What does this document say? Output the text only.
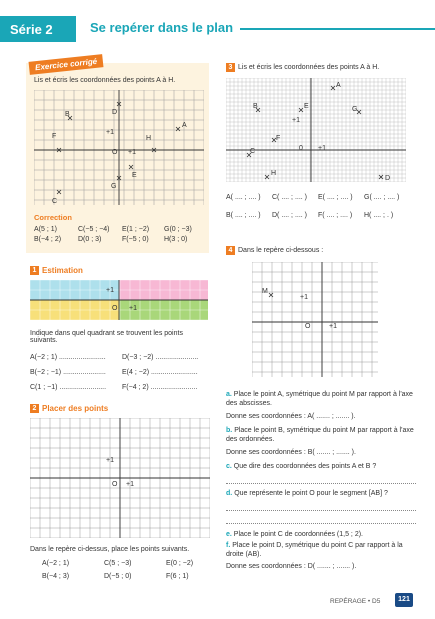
Série 2	Se repérer dans le plan
Exercice corrigé
Lis et écris les coordonnées des points A à H.
O
+1
+1
A
B
C
D
E
F
G
H
Correction
A(5 ; 1)	C(−5 ; −4) E(1 ; −2) G(0 ; −3)
B(−4 ; 2) D(0 ; 3)	F(−5 ; 0) H(3 ; 0)
1 Estimation
O
+1
+1
Indique dans quel quadrant se trouvent les points suivants.
A(−2 ; 1) ........................ D(−3 ; −2) ......................
B(−2 ; −1) ...................... E(4 ; −2) ........................
C(1 ; −1) ........................ F(−4 ; 2) ........................
2 Placer des points
O
+1
+1
Dans le repère ci-dessus, place les points suivants.
A(−2 ; 1)	C(5 ; −3)	E(0 ; −2)
B(−4 ; 3)	D(−5 ; 0)	F(6 ; 1)
3 Lis et écris les coordonnées des points A à H.
0
+1
+1
A
B
C
D
E
F
G
H
A( .... ; .... ) C( .... ; .... ) E( .... ; .... ) G( .... ; .... )
B( .... ; .... ) D( .... ; .... ) F( .... ; .... ) H( .... ; . )
4 Dans le repère ci-dessous :
O
+1
+1
M
a. Place le point A, symétrique du point M par rapport à l'axe des abscisses.
Donne ses coordonnées : A( ....... ; ....... ).
b. Place le point B, symétrique du point M par rapport à l'axe des ordonnées.
Donne ses coordonnées : B( ....... ; ....... ).
c. Que dire des coordonnées des points A et B ?
d. Que représente le point O pour le segment [AB] ?
e. Place le point C de coordonnées (1,5 ; 2).
f. Place le point D, symétrique du point C par rapport à la droite (AB).
Donne ses coordonnées : D( ....... ; ....... ).
REPÉRAGE • D5	121
